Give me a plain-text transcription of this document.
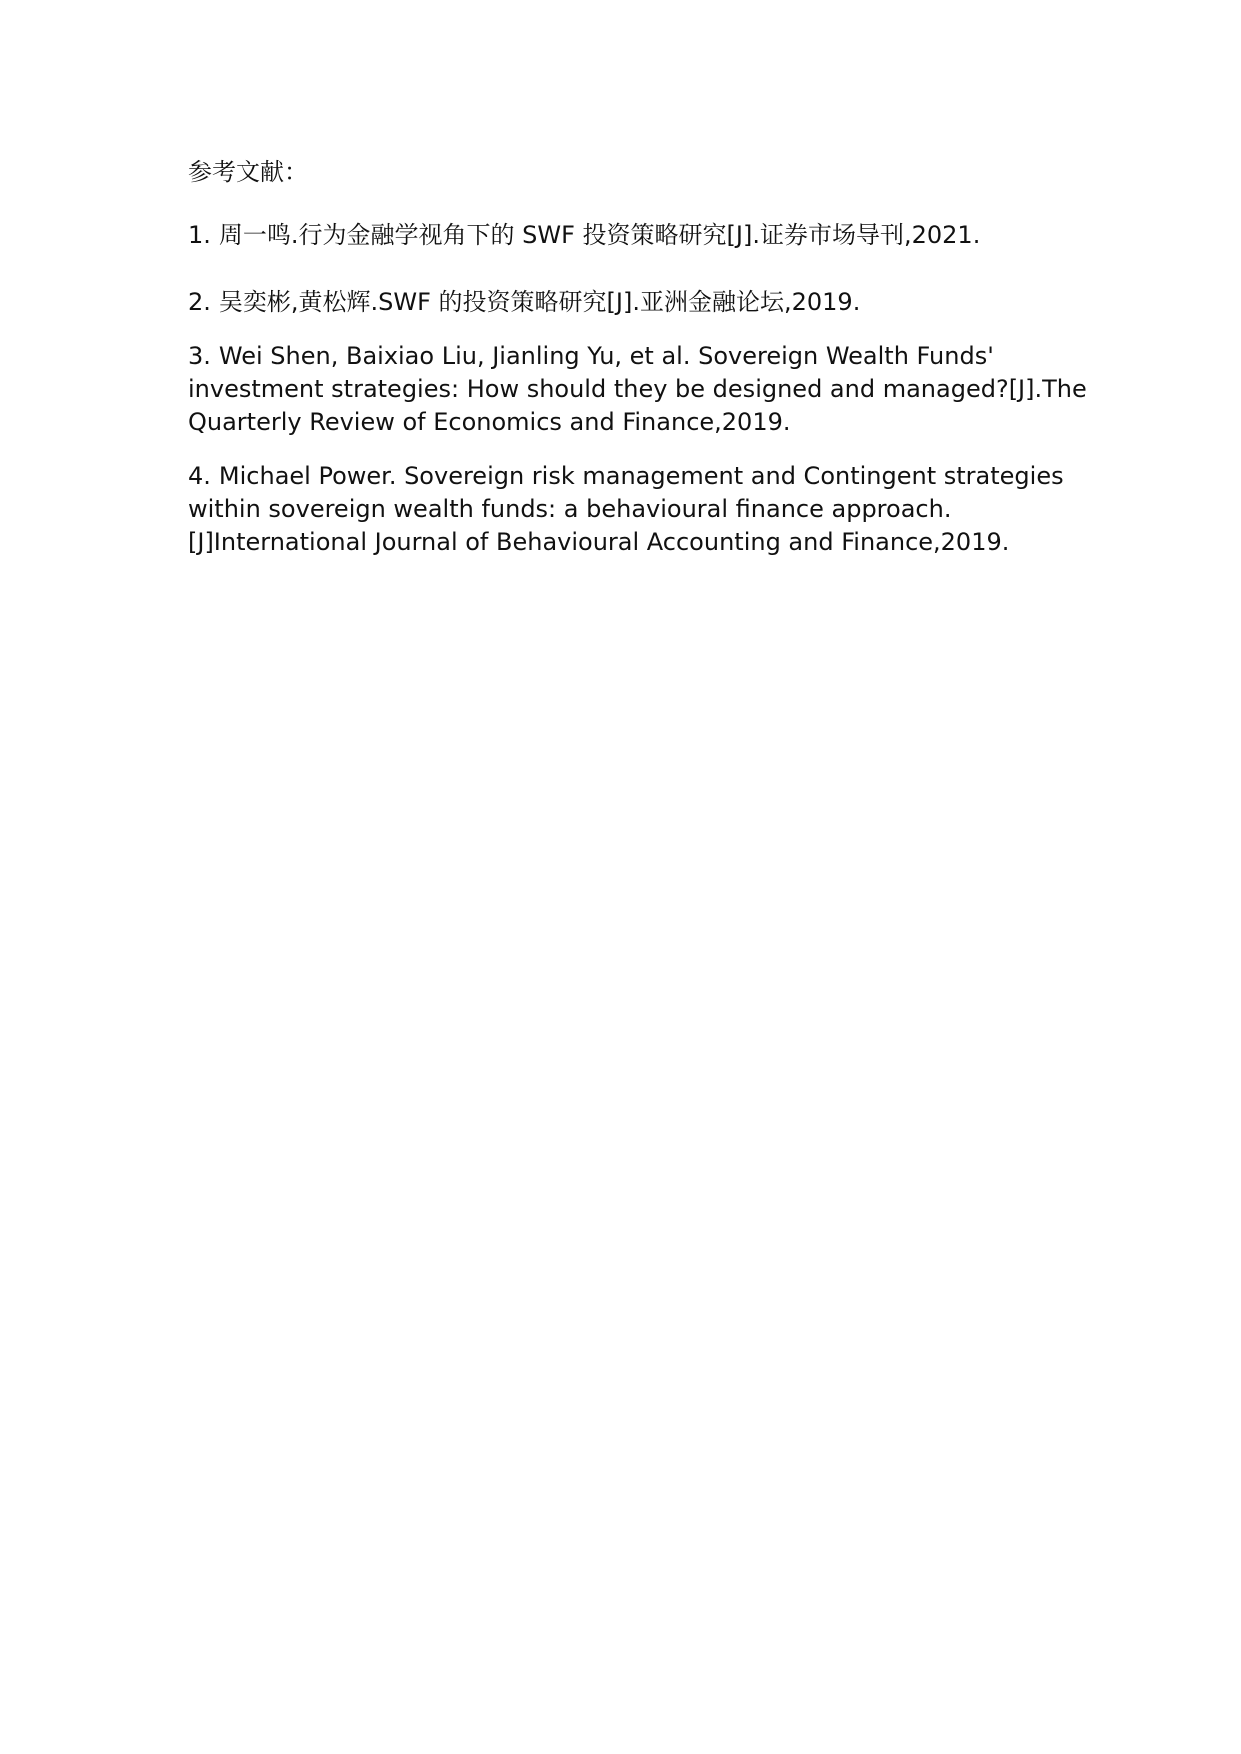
参考文献：
1. 周一鸣.行为金融学视角下的 SWF 投资策略研究[J].证券市场导刊,2021.
2. 吴奕彬,黄松辉.SWF 的投资策略研究[J].亚洲金融论坛,2019.
3. Wei Shen, Baixiao Liu, Jianling Yu, et al. Sovereign Wealth Funds' investment strategies: How should they be designed and managed?[J].The Quarterly Review of Economics and Finance,2019.
4. Michael Power. Sovereign risk management and Contingent strategies within sovereign wealth funds: a behavioural finance approach. [J]International Journal of Behavioural Accounting and Finance,2019.
